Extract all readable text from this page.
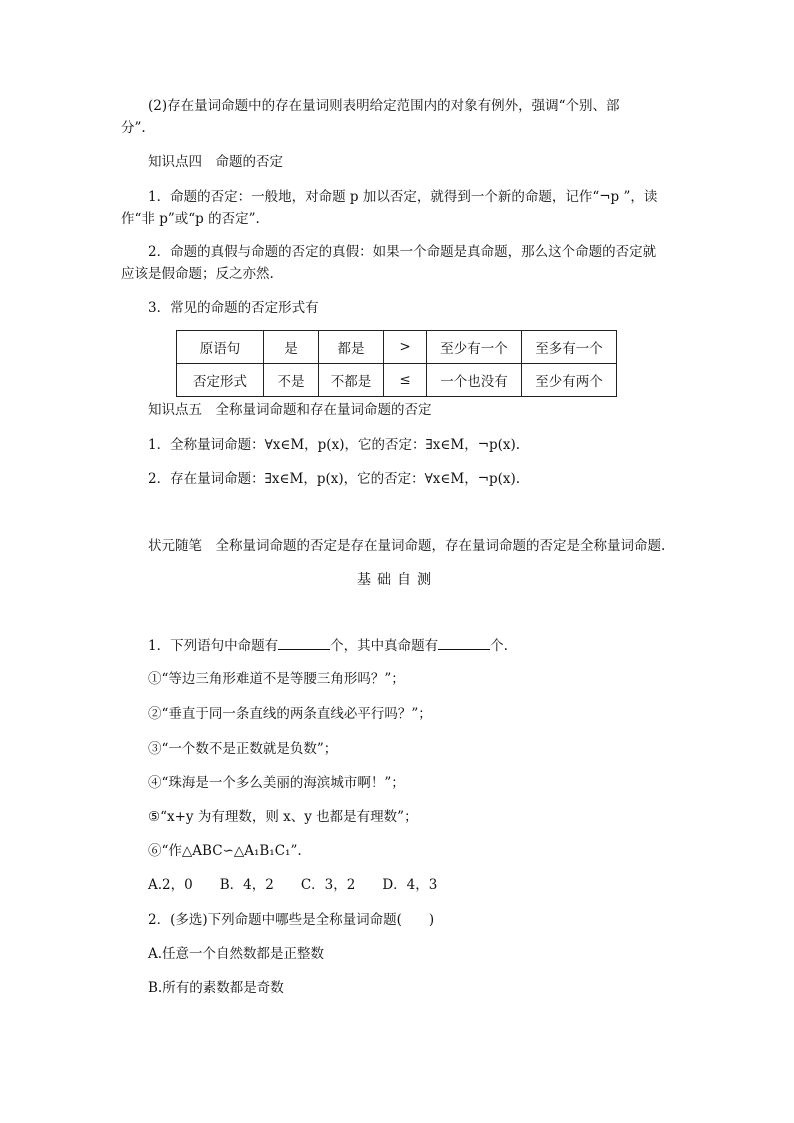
(2)存在量词命题中的存在量词则表明给定范围内的对象有例外，强调“个别、部
分”.
知识点四　命题的否定
1．命题的否定：一般地，对命题 p 加以否定，就得到一个新的命题，记作“¬p ”，读
作“非 p”或“p 的否定”.
2．命题的真假与命题的否定的真假：如果一个命题是真命题，那么这个命题的否定就
应该是假命题；反之亦然.
3．常见的命题的否定形式有
原语句	是	都是	>	至少有一个	至多有一个
否定形式	不是	不都是	≤	一个也没有	至少有两个
知识点五　全称量词命题和存在量词命题的否定
1．全称量词命题：∀x∈M，p(x)，它的否定：∃x∈M，¬p(x).
2．存在量词命题：∃x∈M，p(x)，它的否定：∀x∈M，¬p(x).
状元随笔　全称量词命题的否定是存在量词命题，存在量词命题的否定是全称量词命题.
基础自测
1．下列语句中命题有	个，其中真命题有	个.
①“等边三角形难道不是等腰三角形吗？”；
②“垂直于同一条直线的两条直线必平行吗？”；
③“一个数不是正数就是负数”；
④“珠海是一个多么美丽的海滨城市啊！”；
⑤“x+y 为有理数，则 x、y 也都是有理数”；
⑥“作△ABC∽△A₁B₁C₁”.
A.2，0　　B．4，2　　C．3，2　　D．4，3
2．(多选)下列命题中哪些是全称量词命题(　　)
A.任意一个自然数都是正整数
B.所有的素数都是奇数
